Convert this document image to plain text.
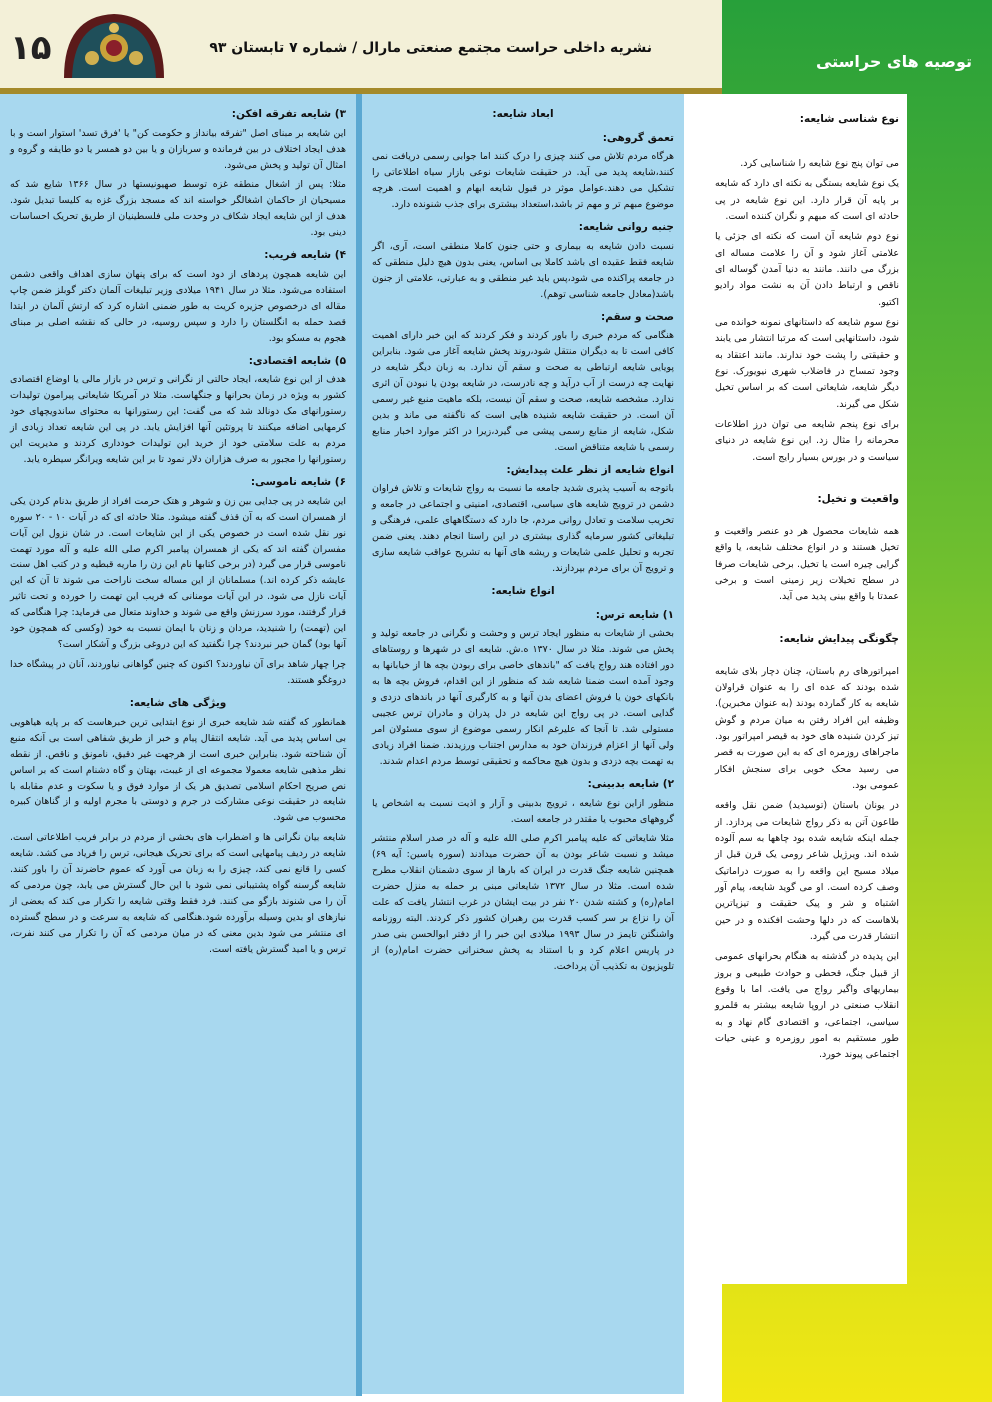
توصیه های حراستی
۱۵	نشریه داخلی حراست مجتمع صنعتی مارال / شماره ۷ تابستان ۹۳
نوع شناسی شایعه:

می توان پنج نوع شایعه را شناسایی کرد.

یک نوع شایعه بستگی به نکته ای دارد که شایعه بر پایه آن قرار دارد. این نوع شایعه در پی حادثه ای است که مبهم و نگران کننده است.

نوع دوم شایعه آن است که نکته ای جزئی یا علامتی آغاز شود و آن را علامت مساله ای بزرگ می دانند. مانند به دنیا آمدن گوساله ای ناقص و ارتباط دادن آن به نشت مواد رادیو اکتیو.

نوع سوم شایعه که داستانهای نمونه خوانده می شود، داستانهایی است که مرتبا انتشار می یابند و حقیقتی را پشت خود ندارند. مانند اعتقاد به وجود تمساح در فاضلاب شهری نیویورک. نوع دیگر شایعه، شایعاتی است که بر اساس تخیل شکل می گیرند.

برای نوع پنجم شایعه می توان درز اطلاعات محرمانه را مثال زد. این نوع شایعه در دنیای سیاست و در بورس بسیار رایج است.

واقعیت و تخیل:

همه شایعات محصول هر دو عنصر واقعیت و تخیل هستند و در انواع مختلف شایعه، یا واقع گرایی چیره است یا تخیل. برخی شایعات صرفا در سطح تخیلات زیر زمینی است و برخی عمدتا با واقع بینی پدید می آید.

چگونگی پیدایش شایعه:

امپراتورهای رم باستان، چنان دچار بلای شایعه شده بودند که عده ای را به عنوان قراولان شایعه به کار گمارده بودند (به عنوان مخبرین). وظیفه این افراد رفتن به میان مردم و گوش تیز کردن شنیده های خود به قیصر امپراتور بود. ماجراهای روزمره ای که به این صورت به قصر می رسید محک خوبی برای سنجش افکار عمومی بود.

در یونان باستان (توسیدید) ضمن نقل واقعه طاعون آتن به ذکر رواج شایعات می پردازد. از جمله اینکه شایعه شده بود چاهها به سم آلوده شده اند. ویرژیل شاعر رومی یک قرن قبل از میلاد مسیح این واقعه را به صورت دراماتیک وصف کرده است. او می گوید شایعه، پیام آور اشتباه و شر و پیک حقیقت و تیزپاترین بلاهاست که در دلها وحشت افکنده و در حین انتشار قدرت می گیرد.

این پدیده در گذشته به هنگام بحرانهای عمومی از قبیل جنگ، قحطی و حوادث طبیعی و بروز بیماریهای واگیر رواج می یافت. اما با وقوع انقلاب صنعتی در اروپا شایعه بیشتر به قلمرو سیاسی، اجتماعی، و اقتصادی گام نهاد و به طور مستقیم به امور روزمره و عینی حیات اجتماعی پیوند خورد.

ابعاد شایعه:
تعمق گروهی:

هرگاه مردم تلاش می کنند چیزی را درک کنند اما جوابی رسمی دریافت نمی کنند،شایعه پدید می آید. در حقیقت شایعات نوعی بازار سیاه اطلاعاتی را تشکیل می دهند.عوامل موثر در قبول شایعه ابهام و اهمیت است. هرچه موضوع مبهم تر و مهم تر باشد،استعداد بیشتری برای جذب شنونده دارد.

جنبه روانی شایعه:

نسبت دادن شایعه به بیماری و حتی جنون کاملا منطقی است، آری، اگر شایعه فقط عقیده ای باشد کاملا بی اساس، یعنی بدون هیچ دلیل منطقی که در جامعه پراکنده می شود،پس باید غیر منطقی و به عبارتی، علامتی از جنون باشد(معادل جامعه شناسی توهم).

صحت و سقم:

هنگامی که مردم خبری را باور کردند و فکر کردند که این خبر دارای اهمیت کافی است تا به دیگران منتقل شود،روند پخش شایعه آغاز می شود. بنابراین پویایی شایعه ارتباطی به صحت و سقم آن ندارد. به زبان دیگر شایعه در نهایت چه درست از آب درآید و چه نادرست، در شایعه بودن یا نبودن آن اثری ندارد. مشخصه شایعه، صحت و سقم آن نیست، بلکه ماهیت منبع غیر رسمی آن است. در حقیقت شایعه شنیده هایی است که ناگفته می ماند و بدین شکل، شایعه از منابع رسمی پیشی می گیرد،زیرا در اکثر موارد اخبار منابع رسمی با شایعه متناقض است.

انواع شایعه از نظر علت پیدایش:

باتوجه به آسیب پذیری شدید جامعه ما نسبت به رواج شایعات و تلاش فراوان دشمن در ترویج شایعه های سیاسی، اقتصادی، امنیتی و اجتماعی در جامعه و تخریب سلامت و تعادل روانی مردم، جا دارد که دستگاههای علمی، فرهنگی و تبلیغاتی کشور سرمایه گذاری بیشتری در این راستا انجام دهند. یعنی ضمن تجربه و تحلیل علمی شایعات و ریشه های آنها به تشریح عواقب شایعه سازی و ترویج آن برای مردم بپردازند.

انواع شایعه:
۱) شایعه ترس:

بخشی از شایعات به منظور ایجاد ترس و وحشت و نگرانی در جامعه تولید و پخش می شوند. مثلا در سال ۱۳۷۰ ه.ش. شایعه ای در شهرها و روستاهای دور افتاده هند رواج یافت که "باندهای خاصی برای ربودن بچه ها از خیابانها به وجود آمده است ضمنا شایعه شد که منظور از این اقدام، فروش بچه ها به بانکهای خون یا فروش اعضای بدن آنها و به کارگیری آنها در باندهای دزدی و گدایی است. در پی رواج این شایعه در دل پدران و مادران ترس عجیبی مستولی شد. تا آنجا که علیرغم انکار رسمی موضوع از سوی مسئولان امر ولی آنها از اعزام فرزندان خود به مدارس اجتناب ورزیدند. ضمنا افراد زیادی به تهمت بچه دزدی و بدون هیچ محاکمه و تحقیقی توسط مردم اعدام شدند.

۲) شایعه بدبینی:

منظور ازاین نوع شایعه ، ترویج بدبینی و آزار و اذیت نسبت به اشخاص یا گروههای محبوب یا مقتدر در جامعه است.

مثلا شایعاتی که علیه پیامبر اکرم صلی الله علیه و آله در صدر اسلام منتشر میشد و نسبت شاعر بودن به آن حضرت میدادند (سوره یاسین: آیه ۶۹) همچنین شایعه جنگ قدرت در ایران که بارها از سوی دشمنان انقلاب مطرح شده است. مثلا در سال ۱۳۷۲ شایعاتی مبنی بر حمله به منزل حضرت امام(ره) و کشته شدن ۲۰ نفر در بیت ایشان در غرب انتشار یافت که علت آن را نزاع بر سر کسب قدرت بین رهبران کشور ذکر کردند. البته روزنامه واشنگتن تایمز در سال ۱۹۹۳ میلادی این خبر را از دفتر ابوالحسن بنی صدر در پاریس اعلام کرد و با استناد به پخش سخنرانی حضرت امام(ره) از تلویزیون به تکذیب آن پرداخت.

۳) شایعه تفرقه افکن:

این شایعه بر مبنای اصل "تفرقه بیانداز و حکومت کن" یا 'فرق تسد' استوار است و با هدف ایجاد اختلاف در بین فرمانده و سربازان و یا بین دو همسر یا دو طایفه و گروه و امثال آن تولید و پخش می‌شود.

مثلا: پس از اشغال منطقه غزه توسط صهیونیستها در سال ۱۳۶۶ شایع شد که مسیحیان از حاکمان اشغالگر خواسته اند که مسجد بزرگ غزه به کلیسا تبدیل شود. هدف از این شایعه ایجاد شکاف در وحدت ملی فلسطینیان از طریق تحریک احساسات دینی بود.

۴) شایعه فریب:

این شایعه همچون پردهای از دود است که برای پنهان سازی اهداف واقعی دشمن استفاده می‌شود. مثلا در سال ۱۹۴۱ میلادی وزیر تبلیغات آلمان دکتر گوبلز ضمن چاپ مقاله ای درخصوص جزیره کریت به طور ضمنی اشاره کرد که ارتش آلمان در ابتدا قصد حمله به انگلستان را دارد و سپس روسیه، در حالی که نقشه اصلی بر مبنای هجوم به مسکو بود.

۵) شایعه اقتصادی:

هدف از این نوع شایعه، ایجاد حالتی از نگرانی و ترس در بازار مالی یا اوضاع اقتصادی کشور به ویژه در زمان بحرانها و جنگهاست. مثلا در آمریکا شایعاتی پیرامون تولیدات رستورانهای مک دونالد شد که می گفت: این رستورانها به محتوای ساندویچهای خود کرمهایی اضافه میکنند تا پروتئین آنها افزایش یابد. در پی این شایعه تعداد زیادی از مردم به علت سلامتی خود از خرید این تولیدات خودداری کردند و مدیریت این رستورانها را مجبور به صرف هزاران دلار نمود تا بر این شایعه ویرانگر سیطره یابد.

۶) شایعه ناموسی:

این شایعه در پی جدایی بین زن و شوهر و هتک حرمت افراد از طریق بدنام کردن یکی از همسران است که به آن قذف گفته میشود. مثلا حادثه ای که در آیات ۱۰ - ۲۰ سوره نور نقل شده است در خصوص یکی از این شایعات است. در شان نزول این آیات مفسران گفته اند که یکی از همسران پیامبر اکرم صلی الله علیه و آله مورد تهمت ناموسی قرار می گیرد (در برخی کتابها نام این زن را ماریه قبطیه و در کتب اهل سنت عایشه ذکر کرده اند.) مسلمانان از این مساله سخت ناراحت می شوند تا آن که این آیات نازل می شود. در این آیات مومنانی که فریب این تهمت را خورده و تحت تاثیر قرار گرفتند، مورد سرزنش واقع می شوند و خداوند متعال می فرماید: چرا هنگامی که این (تهمت) را شنیدید، مردان و زنان با ایمان نسبت به خود (وکسی که همچون خود آنها بود) گمان خیر نبردند؟ چرا نگفتید که این دروغی بزرگ و آشکار است؟

چرا چهار شاهد برای آن نیاوردند؟ اکنون که چنین گواهانی نیاوردند، آنان در پیشگاه خدا دروغگو هستند.

ویژگی های شایعه:

همانطور که گفته شد شایعه خبری از نوع ابتدایی ترین خبرهاست که بر پایه هیاهویی بی اساس پدید می آید. شایعه انتقال پیام و خبر از طریق شفاهی است بی آنکه منبع آن شناخته شود. بنابراین خبری است از هرجهت غیر دقیق، نامونق و ناقص. از نقطه نظر مذهبی شایعه معمولا مجموعه ای از غیبت، بهتان و گاه دشنام است که بر اساس نص صریح احکام اسلامی تصدیق هر یک از موارد فوق و یا سکوت و عدم مقابله با شایعه در حقیقت نوعی مشارکت در جرم و دوستی با مجرم اولیه و از گناهان کبیره محسوب می شود.

شایعه بیان نگرانی ها و اضطراب های بخشی از مردم در برابر فریب اطلاعاتی است. شایعه در ردیف پیامهایی است که برای تحریک هیجانی، ترس را فریاد می کشد. شایعه کسی را قانع نمی کند، چیزی را به زبان می آورد که عموم حاضرند آن را باور کنند. شایعه گرسنه گواه پشتیبانی نمی شود با این حال گسترش می یابد، چون مردمی که آن را می شنوند بازگو می کنند. فرد فقط وقتی شایعه را تکرار می کند که بعضی از نیازهای او بدین وسیله برآورده شود.هنگامی که شایعه به سرعت و در سطح گسترده ای منتشر می شود بدین معنی که در میان مردمی که آن را تکرار می کنند نفرت، ترس و یا امید گسترش یافته است.
